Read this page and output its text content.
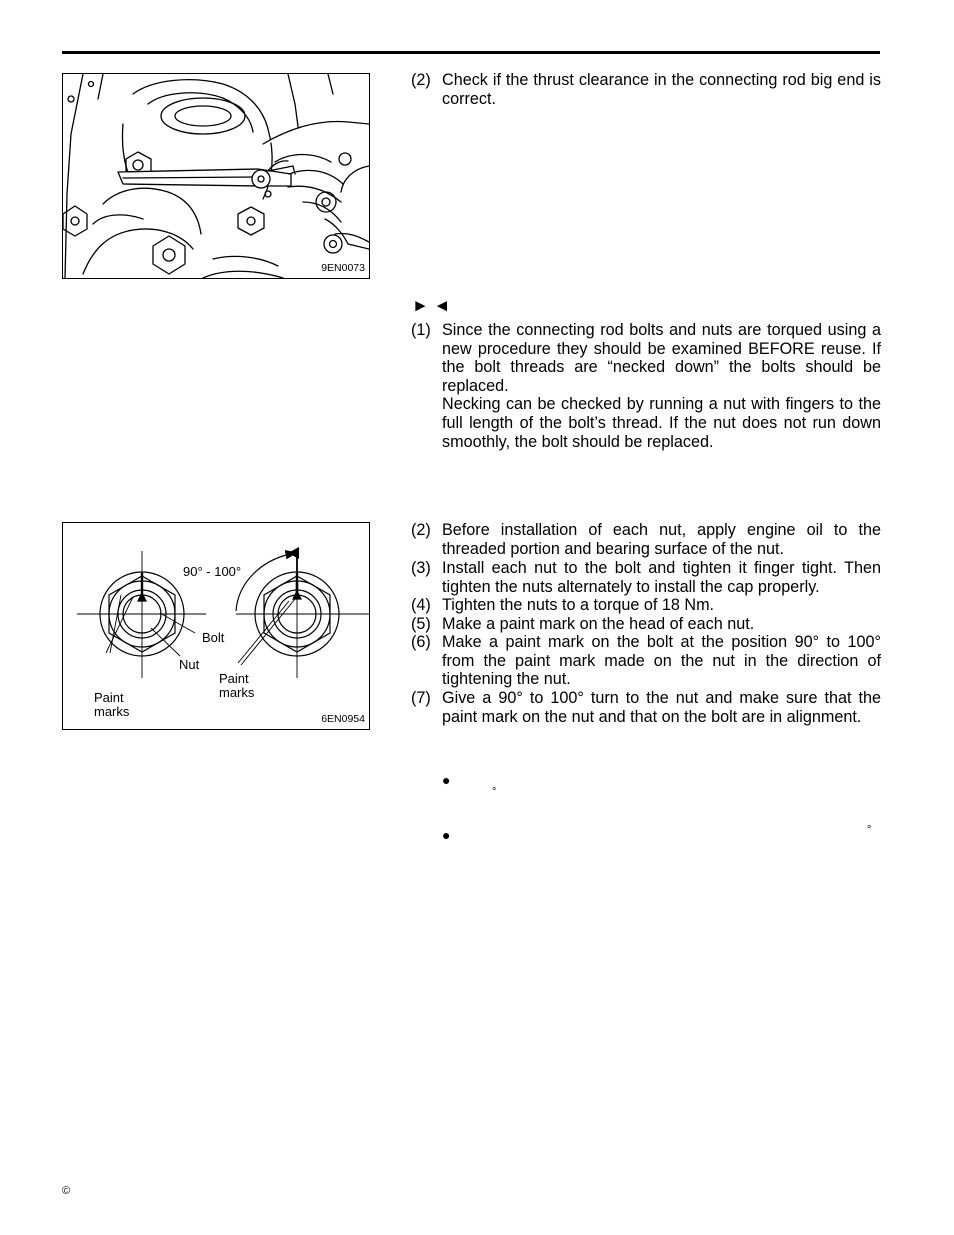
9EN0073
(2) Check if the thrust clearance in the connecting rod big end is correct.
► ◄
(1) Since the connecting rod bolts and nuts are torqued using a new procedure they should be examined BEFORE reuse. If the bolt threads are “necked down” the bolts should be replaced.

Necking can be checked by running a nut with fingers to the full length of the bolt’s thread. If the nut does not run down smoothly, the bolt should be replaced.

90° - 100°
Bolt
Nut
Paint
marks
Paint
marks
6EN0954
(2) Before installation of each nut, apply engine oil to the threaded portion and bearing surface of the nut.
(3) Install each nut to the bolt and tighten it finger tight. Then tighten the nuts alternately to install the cap properly.
(4) Tighten the nuts to a torque of 18 Nm.
(5) Make a paint mark on the head of each nut.
(6) Make a paint mark on the bolt at the position 90° to 100° from the paint mark made on the nut in the direction of tightening the nut.
(7) Give a 90° to 100° turn to the nut and make sure that the paint mark on the nut and that on the bolt are in alignment.
●
°
●	°
©
